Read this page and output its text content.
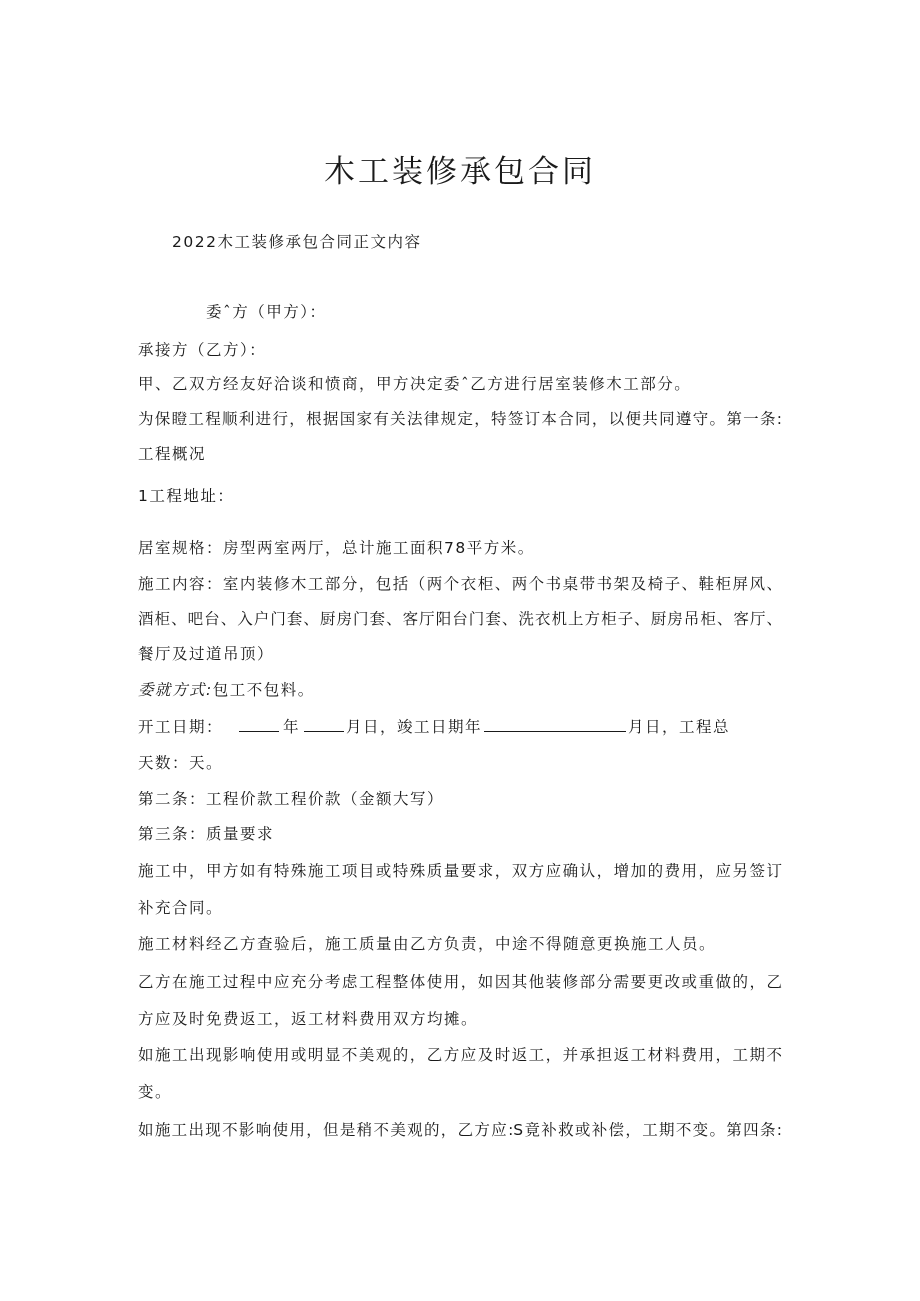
木工装修承包合同

2022木工装修承包合同正文内容

委ˆ方（甲方）：

承接方（乙方）：

甲、乙双方经友好洽谈和愤商，甲方决定委ˆ乙方进行居室装修木工部分。

为保瞪工程顺利进行，根据国家有关法律规定，特签订本合同，以便共同遵守。第一条:

工程概况

1工程地址：

居室规格：房型两室两厅，总计施工面积78平方米。

施工内容：室内装修木工部分，包括（两个衣柜、两个书桌带书架及椅子、鞋柜屏风、

酒柜、吧台、入户门套、厨房门套、客厅阳台门套、洗衣机上方柜子、厨房吊柜、客厅、

餐厅及过道吊顶）

委就方式:包工不包料。

开工日期：	年	月日，竣工日期年	月日，工程总

天数：天。

第二条：工程价款工程价款（金额大写）

第三条：质量要求

施工中，甲方如有特殊施工项目或特殊质量要求，双方应确认，增加的费用，应另签订

补充合同。

施工材料经乙方查验后，施工质量由乙方负责，中途不得随意更换施工人员。

乙方在施工过程中应充分考虑工程整体使用，如因其他装修部分需要更改或重做的，乙

方应及时免费返工，返工材料费用双方均摊。

如施工出现影响使用或明显不美观的，乙方应及时返工，并承担返工材料费用，工期不

变。

如施工出现不影响使用，但是稍不美观的，乙方应:S竟补救或补偿，工期不变。第四条:
